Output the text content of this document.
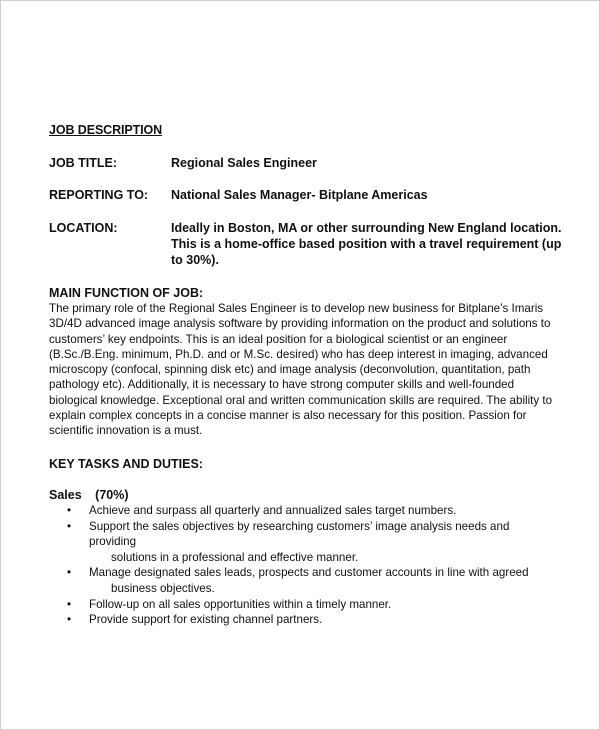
JOB DESCRIPTION
JOB TITLE:	Regional Sales Engineer
REPORTING TO: National Sales Manager- Bitplane Americas
LOCATION:	Ideally in Boston, MA or other surrounding New England location. This is a home-office based position with a travel requirement (up to 30%).
MAIN FUNCTION OF JOB:
The primary role of the Regional Sales Engineer is to develop new business for Bitplane’s Imaris 3D/4D advanced image analysis software by providing information on the product and solutions to customers’ key endpoints. This is an ideal position for a biological scientist or an engineer (B.Sc./B.Eng. minimum, Ph.D. and or M.Sc. desired) who has deep interest in imaging, advanced microscopy (confocal, spinning disk etc) and image analysis (deconvolution, quantitation, path pathology etc). Additionally, it is necessary to have strong computer skills and well-founded biological knowledge. Exceptional oral and written communication skills are required. The ability to explain complex concepts in a concise manner is also necessary for this position. Passion for scientific innovation is a must.
KEY TASKS AND DUTIES:
Sales (70%)
• Achieve and surpass all quarterly and annualized sales target numbers.
• Support the sales objectives by researching customers’ image analysis needs and providing
solutions in a professional and effective manner.
• Manage designated sales leads, prospects and customer accounts in line with agreed
business objectives.
• Follow-up on all sales opportunities within a timely manner.
• Provide support for existing channel partners.
